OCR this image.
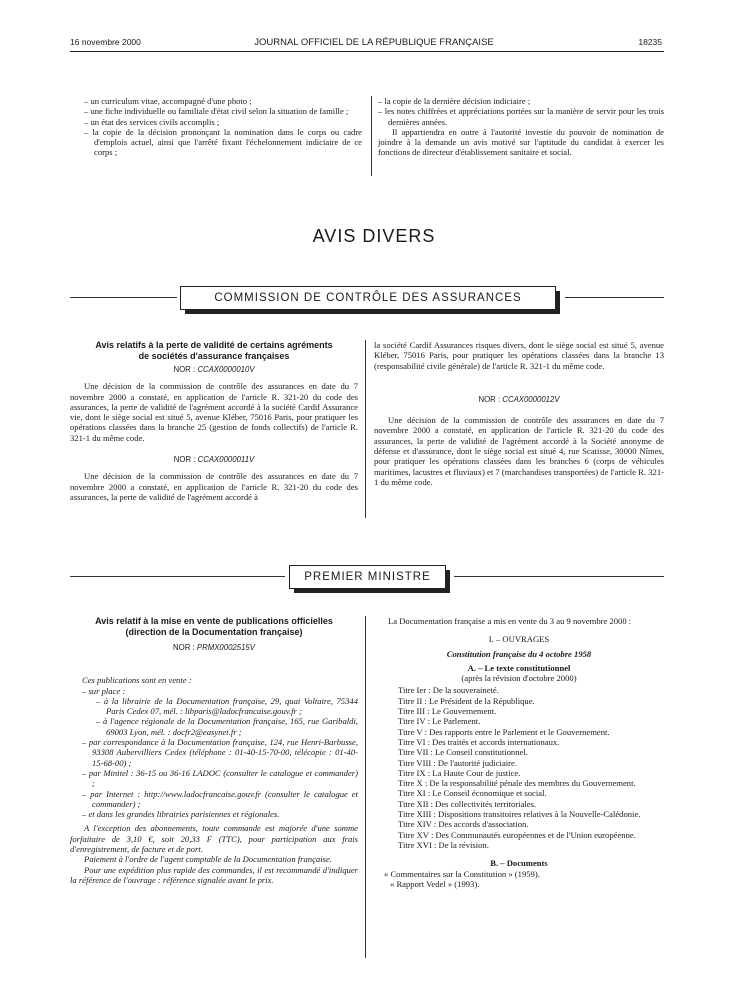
16 novembre 2000	JOURNAL OFFICIEL DE LA RÉPUBLIQUE FRANÇAISE	18235

– un curriculum vitae, accompagné d'une photo ;

– une fiche individuelle ou familiale d'état civil selon la situation de famille ;

– un état des services civils accomplis ;

– la copie de la décision prononçant la nomination dans le corps ou cadre d'emplois actuel, ainsi que l'arrêté fixant l'échelonnement indiciaire de ce corps ;

– la copie de la dernière décision indiciaire ;

– les notes chiffrées et appréciations portées sur la manière de servir pour les trois dernières années.

Il appartiendra en outre à l'autorité investie du pouvoir de nomination de joindre à la demande un avis motivé sur l'aptitude du candidat à exercer les fonctions de directeur d'établissement sanitaire et social.

AVIS DIVERS
COMMISSION DE CONTRÔLE DES ASSURANCES
Avis relatifs à la perte de validité de certains agréments
de sociétés d'assurance françaises
NOR : CCAX0000010V

Une décision de la commission de contrôle des assurances en date du 7 novembre 2000 a constaté, en application de l'article R. 321-20 du code des assurances, la perte de validité de l'agrément accordé à la société Cardif Assurance vie, dont le siège social est situé 5, avenue Kléber, 75016 Paris, pour pratiquer les opérations classées dans la branche 25 (gestion de fonds collectifs) de l'article R. 321-1 du même code.

NOR : CCAX0000011V

Une décision de la commission de contrôle des assurances en date du 7 novembre 2000 a constaté, en application de l'article R. 321-20 du code des assurances, la perte de validité de l'agrément accordé à

la société Cardif Assurances risques divers, dont le siège social est situé 5, avenue Kléber, 75016 Paris, pour pratiquer les opérations classées dans la branche 13 (responsabilité civile générale) de l'article R. 321-1 du même code.

NOR : CCAX0000012V

Une décision de la commission de contrôle des assurances en date du 7 novembre 2000 a constaté, en application de l'article R. 321-20 du code des assurances, la perte de validité de l'agrément accordé à la Société anonyme de défense et d'assurance, dont le siège social est situé 4, rue Scatisse, 30000 Nîmes, pour pratiquer les opérations classées dans les branches 6 (corps de véhicules maritimes, lacustres et fluviaux) et 7 (marchandises transportées) de l'article R. 321-1 du même code.

PREMIER MINISTRE
Avis relatif à la mise en vente de publications officielles
(direction de la Documentation française)
NOR : PRMX0002515V

Ces publications sont en vente :

– sur place :

– à la librairie de la Documentation française, 29, quai Voltaire, 75344 Paris Cedex 07, mél. : libparis@ladocfrancaise.gouv.fr ;

– à l'agence régionale de la Documentation française, 165, rue Garibaldi, 69003 Lyon, mél. : docfr2@easynet.fr ;

– par correspondance à la Documentation française, 124, rue Henri-Barbusse, 93308 Aubervilliers Cedex (téléphone : 01-40-15-70-00, télécopie : 01-40-15-68-00) ;

– par Minitel : 36-15 ou 36-16 LADOC (consulter le catalogue et commander) ;

– par Internet : http://www.ladocfrancaise.gouv.fr (consulter le catalogue et commander) ;

– et dans les grandes librairies parisiennes et régionales.

A l'exception des abonnements, toute commande est majorée d'une somme forfaitaire de 3,10 €, soit 20,33 F (TTC), pour participation aux frais d'enregistrement, de facture et de port.

Paiement à l'ordre de l'agent comptable de la Documentation française.

Pour une expédition plus rapide des commandes, il est recommandé d'indiquer la référence de l'ouvrage : référence signalée avant le prix.

La Documentation française a mis en vente du 3 au 9 novembre 2000 :

I. – OUVRAGES

Constitution française du 4 octobre 1958

A. – Le texte constitutionnel

(après la révision d'octobre 2000)

Titre Ier : De la souveraineté.

Titre II : Le Président de la République.

Titre III : Le Gouvernement.

Titre IV : Le Parlement.

Titre V : Des rapports entre le Parlement et le Gouvernement.

Titre VI : Des traités et accords internationaux.

Titre VII : Le Conseil constitutionnel.

Titre VIII : De l'autorité judiciaire.

Titre IX : La Haute Cour de justice.

Titre X : De la responsabilité pénale des membres du Gouvernement.

Titre XI : Le Conseil économique et social.

Titre XII : Des collectivités territoriales.

Titre XIII : Dispositions transitoires relatives à la Nouvelle-Calédonie.

Titre XIV : Des accords d'association.

Titre XV : Des Communautés européennes et de l'Union européenne.

Titre XVI : De la révision.

B. – Documents

« Commentaires sur la Constitution » (1959).

« Rapport Vedel » (1993).
